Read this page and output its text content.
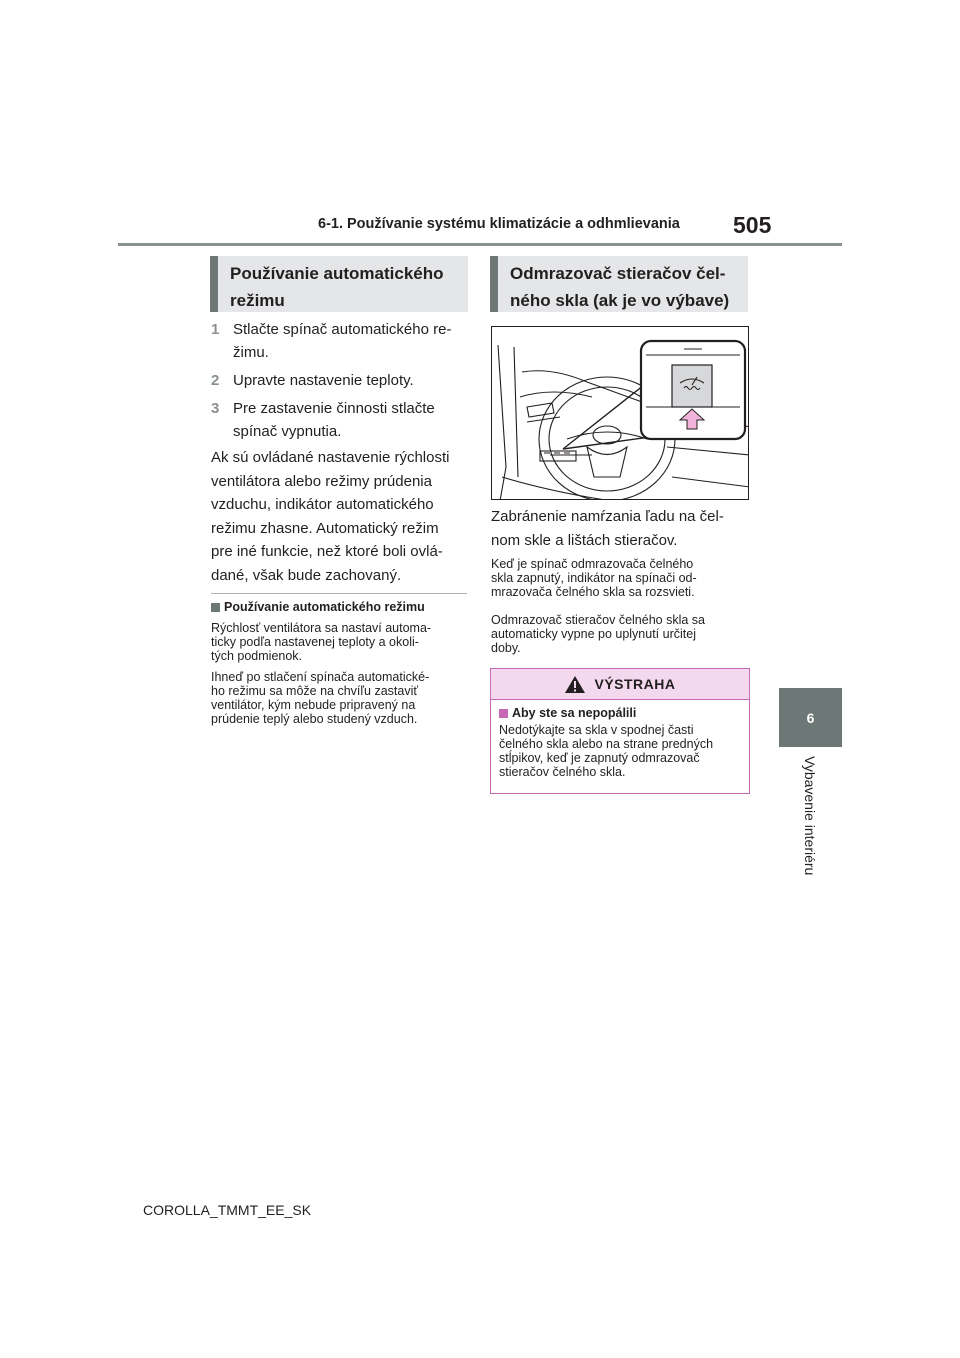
6-1. Používanie systému klimatizácie a odhmlievania 505
6
Vybavenie interiéru
Používanie automatického
režimu
1 Stlačte spínač automatického re-
žimu.
2 Upravte nastavenie teploty.
3 Pre zastavenie činnosti stlačte
spínač vypnutia.
Ak sú ovládané nastavenie rýchlosti
ventilátora alebo režimy prúdenia
vzduchu, indikátor automatického
režimu zhasne. Automatický režim
pre iné funkcie, než ktoré boli ovlá-
dané, však bude zachovaný.
Používanie automatického režimu
Rýchlosť ventilátora sa nastaví automa-
ticky podľa nastavenej teploty a okoli-
tých podmienok.
Ihneď po stlačení spínača automatické-
ho režimu sa môže na chvíľu zastaviť
ventilátor, kým nebude pripravený na
prúdenie teplý alebo studený vzduch.
Odmrazovač stieračov čel-
ného skla (ak je vo výbave)
Zabránenie namŕzania ľadu na čel-
nom skle a lištách stieračov.
Keď je spínač odmrazovača čelného
skla zapnutý, indikátor na spínači od-
mrazovača čelného skla sa rozsvieti.
Odmrazovač stieračov čelného skla sa
automaticky vypne po uplynutí určitej
doby.
VÝSTRAHA
Aby ste sa nepopálili
Nedotýkajte sa skla v spodnej časti
čelného skla alebo na strane predných
stĺpikov, keď je zapnutý odmrazovač
stieračov čelného skla.
COROLLA_TMMT_EE_SK
